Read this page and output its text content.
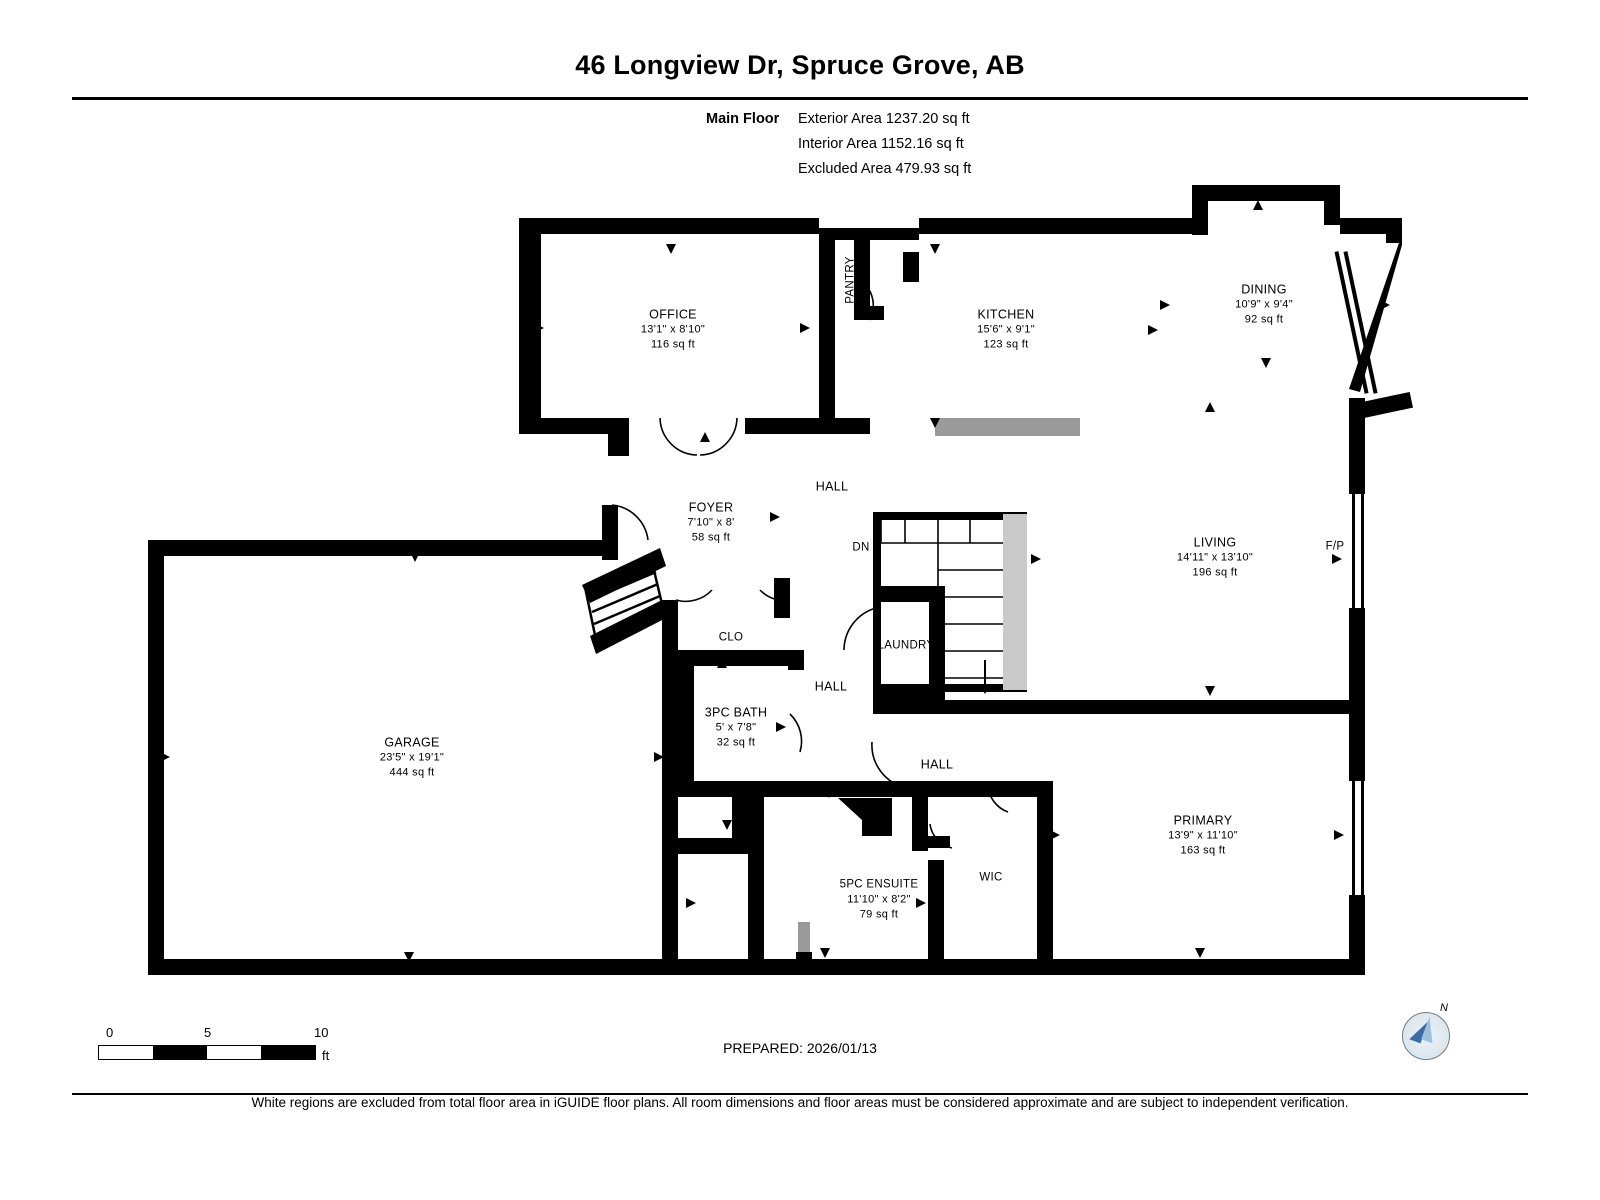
46 Longview Dr, Spruce Grove, AB
Main Floor Exterior Area 1237.20 sq ft
Interior Area 1152.16 sq ft
Excluded Area 479.93 sq ft
OFFICE
13'1" x 8'10"
116 sq ft
PANTRY
KITCHEN
15'6" x 9'1"
123 sq ft
DINING
10'9" x 9'4"
92 sq ft
HALL
FOYER
7'10" x 8'
58 sq ft
DN	LIVING
14'11" x 13'10"
196 sq ft
F/P
CLO
LAUNDRY
HALL
3PC BATH
5' x 7'8"
32 sq ft
GARAGE
23'5" x 19'1"
444 sq ft
HALL
PRIMARY
13'9" x 11'10"
163 sq ft
WIC
5PC ENSUITE
11'10" x 8'2"
79 sq ft
0	5	10
ft
N
PREPARED: 2026/01/13
White regions are excluded from total floor area in iGUIDE floor plans. All room dimensions and floor areas must be considered approximate and are subject to independent verification.
